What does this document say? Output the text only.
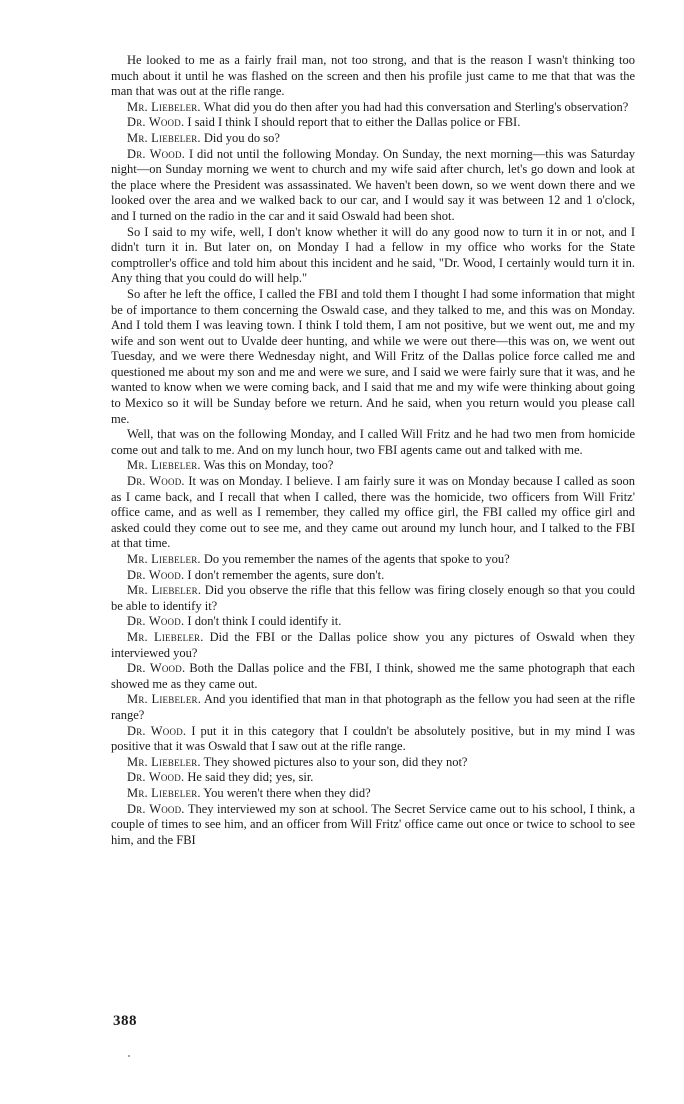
He looked to me as a fairly frail man, not too strong, and that is the reason I wasn't thinking too much about it until he was flashed on the screen and then his profile just came to me that that was the man that was out at the rifle range.

Mr. Liebeler. What did you do then after you had had this conversation and Sterling's observation?

Dr. Wood. I said I think I should report that to either the Dallas police or FBI.

Mr. Liebeler. Did you do so?

Dr. Wood. I did not until the following Monday. On Sunday, the next morning—this was Saturday night—on Sunday morning we went to church and my wife said after church, let's go down and look at the place where the President was assassinated. We haven't been down, so we went down there and we looked over the area and we walked back to our car, and I would say it was between 12 and 1 o'clock, and I turned on the radio in the car and it said Oswald had been shot.

So I said to my wife, well, I don't know whether it will do any good now to turn it in or not, and I didn't turn it in. But later on, on Monday I had a fellow in my office who works for the State comptroller's office and told him about this incident and he said, "Dr. Wood, I certainly would turn it in. Any thing that you could do will help."

So after he left the office, I called the FBI and told them I thought I had some information that might be of importance to them concerning the Oswald case, and they talked to me, and this was on Monday. And I told them I was leaving town. I think I told them, I am not positive, but we went out, me and my wife and son went out to Uvalde deer hunting, and while we were out there—this was on, we went out Tuesday, and we were there Wednesday night, and Will Fritz of the Dallas police force called me and questioned me about my son and me and were we sure, and I said we were fairly sure that it was, and he wanted to know when we were coming back, and I said that me and my wife were thinking about going to Mexico so it will be Sunday before we return. And he said, when you return would you please call me.

Well, that was on the following Monday, and I called Will Fritz and he had two men from homicide come out and talk to me. And on my lunch hour, two FBI agents came out and talked with me.

Mr. Liebeler. Was this on Monday, too?

Dr. Wood. It was on Monday. I believe. I am fairly sure it was on Monday because I called as soon as I came back, and I recall that when I called, there was the homicide, two officers from Will Fritz' office came, and as well as I remember, they called my office girl, the FBI called my office girl and asked could they come out to see me, and they came out around my lunch hour, and I talked to the FBI at that time.

Mr. Liebeler. Do you remember the names of the agents that spoke to you?

Dr. Wood. I don't remember the agents, sure don't.

Mr. Liebeler. Did you observe the rifle that this fellow was firing closely enough so that you could be able to identify it?

Dr. Wood. I don't think I could identify it.

Mr. Liebeler. Did the FBI or the Dallas police show you any pictures of Oswald when they interviewed you?

Dr. Wood. Both the Dallas police and the FBI, I think, showed me the same photograph that each showed me as they came out.

Mr. Liebeler. And you identified that man in that photograph as the fellow you had seen at the rifle range?

Dr. Wood. I put it in this category that I couldn't be absolutely positive, but in my mind I was positive that it was Oswald that I saw out at the rifle range.

Mr. Liebeler. They showed pictures also to your son, did they not?

Dr. Wood. He said they did; yes, sir.

Mr. Liebeler. You weren't there when they did?

Dr. Wood. They interviewed my son at school. The Secret Service came out to his school, I think, a couple of times to see him, and an officer from Will Fritz' office came out once or twice to school to see him, and the FBI

388
